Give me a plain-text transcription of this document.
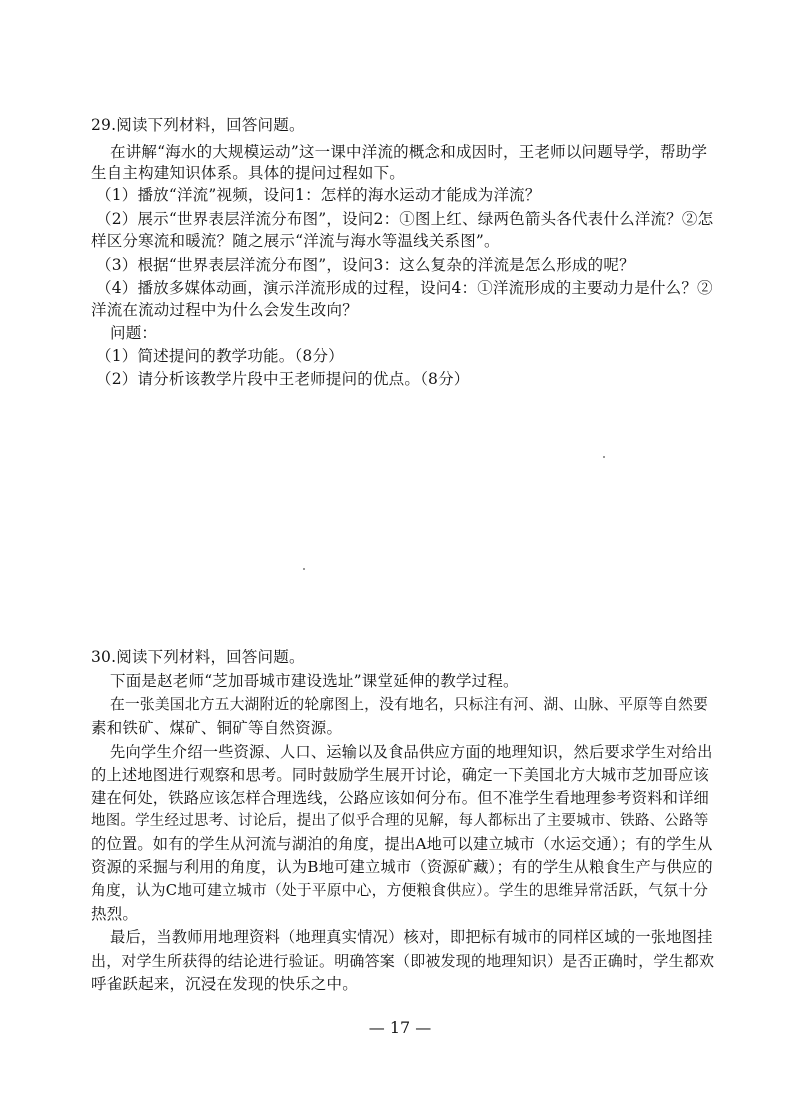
29.阅读下列材料，回答问题。
在讲解“海水的大规模运动”这一课中洋流的概念和成因时，王老师以问题导学，帮助学
生自主构建知识体系。具体的提问过程如下。
（1）播放“洋流”视频，设问1：怎样的海水运动才能成为洋流？
（2）展示“世界表层洋流分布图”，设问2：①图上红、绿两色箭头各代表什么洋流？②怎
样区分寒流和暖流？随之展示“洋流与海水等温线关系图”。
（3）根据“世界表层洋流分布图”，设问3：这么复杂的洋流是怎么形成的呢？
（4）播放多媒体动画，演示洋流形成的过程，设问4：①洋流形成的主要动力是什么？②
洋流在流动过程中为什么会发生改向？
问题：
（1）简述提问的教学功能。（8分）
（2）请分析该教学片段中王老师提问的优点。（8分）
30.阅读下列材料，回答问题。
下面是赵老师“芝加哥城市建设选址”课堂延伸的教学过程。
在一张美国北方五大湖附近的轮廓图上，没有地名，只标注有河、湖、山脉、平原等自然要
素和铁矿、煤矿、铜矿等自然资源。
先向学生介绍一些资源、人口、运输以及食品供应方面的地理知识，然后要求学生对给出
的上述地图进行观察和思考。同时鼓励学生展开讨论，确定一下美国北方大城市芝加哥应该
建在何处，铁路应该怎样合理选线，公路应该如何分布。但不准学生看地理参考资料和详细
地图。学生经过思考、讨论后，提出了似乎合理的见解，每人都标出了主要城市、铁路、公路等
的位置。如有的学生从河流与湖泊的角度，提出A地可以建立城市（水运交通）；有的学生从
资源的采掘与利用的角度，认为B地可建立城市（资源矿藏）；有的学生从粮食生产与供应的
角度，认为C地可建立城市（处于平原中心，方便粮食供应）。学生的思维异常活跃，气氛十分
热烈。
最后，当教师用地理资料（地理真实情况）核对，即把标有城市的同样区域的一张地图挂
出，对学生所获得的结论进行验证。明确答案（即被发现的地理知识）是否正确时，学生都欢
呼雀跃起来，沉浸在发现的快乐之中。
— 17 —
